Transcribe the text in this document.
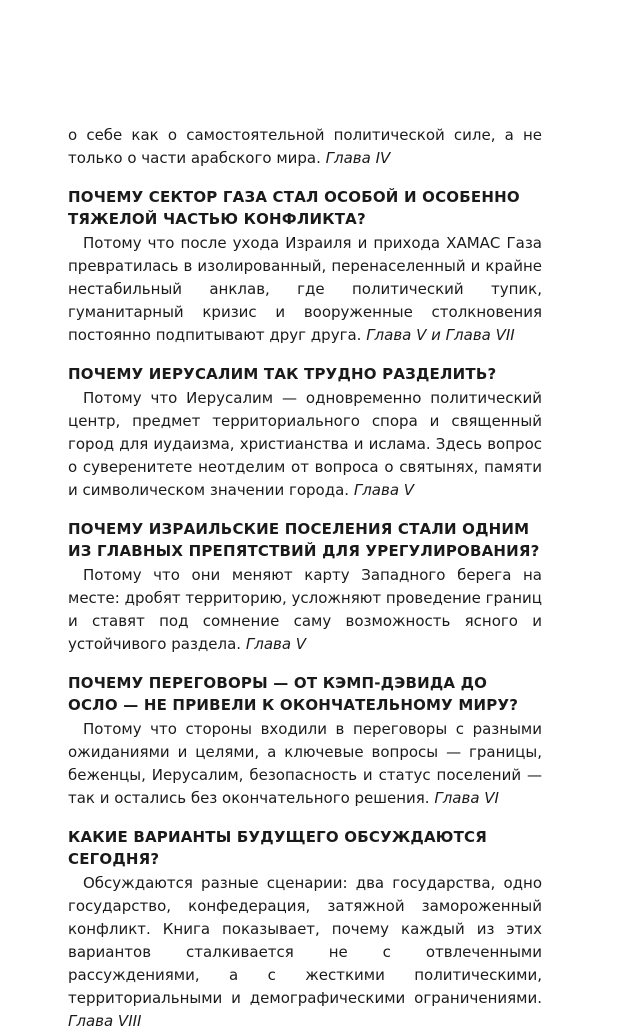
о себе как о самостоятельной политической силе, а не только о части арабского мира. Глава IV

ПОЧЕМУ СЕКТОР ГАЗА СТАЛ ОСОБОЙ И ОСОБЕННО ТЯЖЕЛОЙ ЧАСТЬЮ КОНФЛИКТА?

Потому что после ухода Израиля и прихода ХАМАС Газа превратилась в изолированный, перенаселенный и крайне нестабильный анклав, где политический тупик, гуманитарный кризис и вооруженные столкновения постоянно подпитывают друг друга. Глава V и Глава VII

ПОЧЕМУ ИЕРУСАЛИМ ТАК ТРУДНО РАЗДЕЛИТЬ?

Потому что Иерусалим — одновременно политический центр, предмет территориального спора и священный город для иудаизма, христианства и ислама. Здесь вопрос о суверенитете неотделим от вопроса о святынях, памяти и символическом значении города. Глава V

ПОЧЕМУ ИЗРАИЛЬСКИЕ ПОСЕЛЕНИЯ СТАЛИ ОДНИМ ИЗ ГЛАВНЫХ ПРЕПЯТСТВИЙ ДЛЯ УРЕГУЛИРОВАНИЯ?

Потому что они меняют карту Западного берега на месте: дробят территорию, усложняют проведение границ и ставят под сомнение саму возможность ясного и устойчивого раздела. Глава V

ПОЧЕМУ ПЕРЕГОВОРЫ — ОТ КЭМП-ДЭВИДА ДО ОСЛО — НЕ ПРИВЕЛИ К ОКОНЧАТЕЛЬНОМУ МИРУ?

Потому что стороны входили в переговоры с разными ожиданиями и целями, а ключевые вопросы — границы, беженцы, Иерусалим, безопасность и статус поселений — так и остались без окончательного решения. Глава VI

КАКИЕ ВАРИАНТЫ БУДУЩЕГО ОБСУЖДАЮТСЯ СЕГОДНЯ?

Обсуждаются разные сценарии: два государства, одно государство, конфедерация, затяжной замороженный конфликт. Книга показывает, почему каждый из этих вариантов сталкивается не с отвлеченными рассуждениями, а с жесткими политическими, территориальными и демографическими ограничениями. Глава VIII
